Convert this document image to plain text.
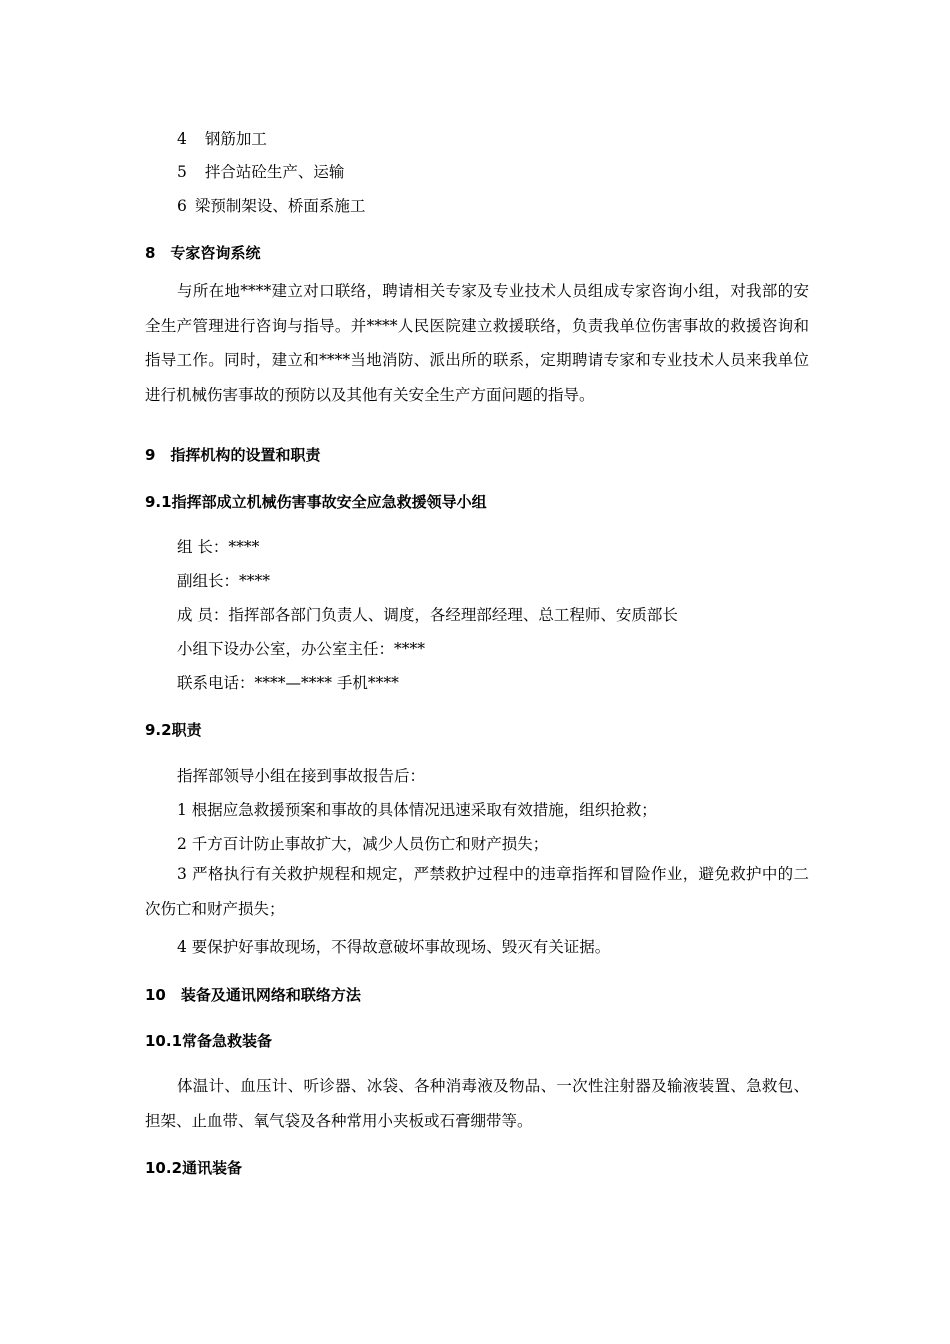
4 钢筋加工
5 拌合站砼生产、运输
6 梁预制架设、桥面系施工
8　专家咨询系统
与所在地****建立对口联络，聘请相关专家及专业技术人员组成专家咨询小组，对我部的安全生产管理进行咨询与指导。并****人民医院建立救援联络，负责我单位伤害事故的救援咨询和指导工作。同时，建立和****当地消防、派出所的联系，定期聘请专家和专业技术人员来我单位进行机械伤害事故的预防以及其他有关安全生产方面问题的指导。
9　指挥机构的设置和职责
9.1指挥部成立机械伤害事故安全应急救援领导小组
组 长：****
副组长：****
成 员：指挥部各部门负责人、调度，各经理部经理、总工程师、安质部长
小组下设办公室，办公室主任：****
联系电话：****—**** 手机****
9.2职责
指挥部领导小组在接到事故报告后：
1 根据应急救援预案和事故的具体情况迅速采取有效措施，组织抢救；
2 千方百计防止事故扩大，减少人员伤亡和财产损失；
3 严格执行有关救护规程和规定，严禁救护过程中的违章指挥和冒险作业，避免救护中的二次伤亡和财产损失；
4 要保护好事故现场，不得故意破坏事故现场、毁灭有关证据。
10　装备及通讯网络和联络方法
10.1常备急救装备
体温计、血压计、听诊器、冰袋、各种消毒液及物品、一次性注射器及输液装置、急救包、担架、止血带、氧气袋及各种常用小夹板或石膏绷带等。
10.2通讯装备
